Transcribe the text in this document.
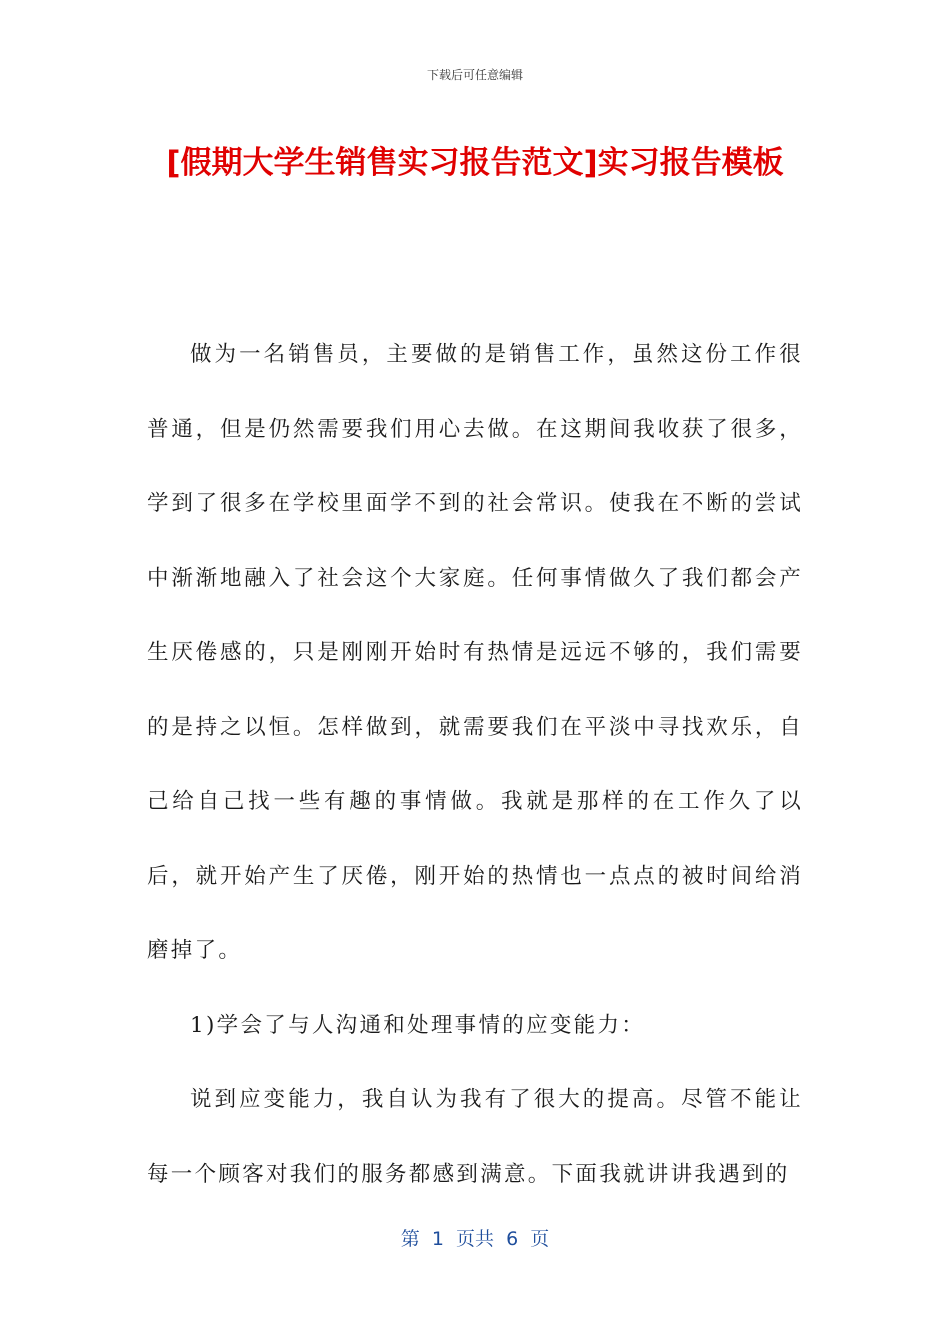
下载后可任意编辑
[假期大学生销售实习报告范文]实习报告模板

做为一名销售员，主要做的是销售工作，虽然这份工作很普通，但是仍然需要我们用心去做。在这期间我收获了很多，学到了很多在学校里面学不到的社会常识。使我在不断的尝试中渐渐地融入了社会这个大家庭。任何事情做久了我们都会产生厌倦感的，只是刚刚开始时有热情是远远不够的，我们需要的是持之以恒。怎样做到，就需要我们在平淡中寻找欢乐，自己给自己找一些有趣的事情做。我就是那样的在工作久了以后，就开始产生了厌倦，刚开始的热情也一点点的被时间给消磨掉了。

1)学会了与人沟通和处理事情的应变能力：

说到应变能力，我自认为我有了很大的提高。尽管不能让每一个顾客对我们的服务都感到满意。下面我就讲讲我遇到的

第  1  页共  6  页
